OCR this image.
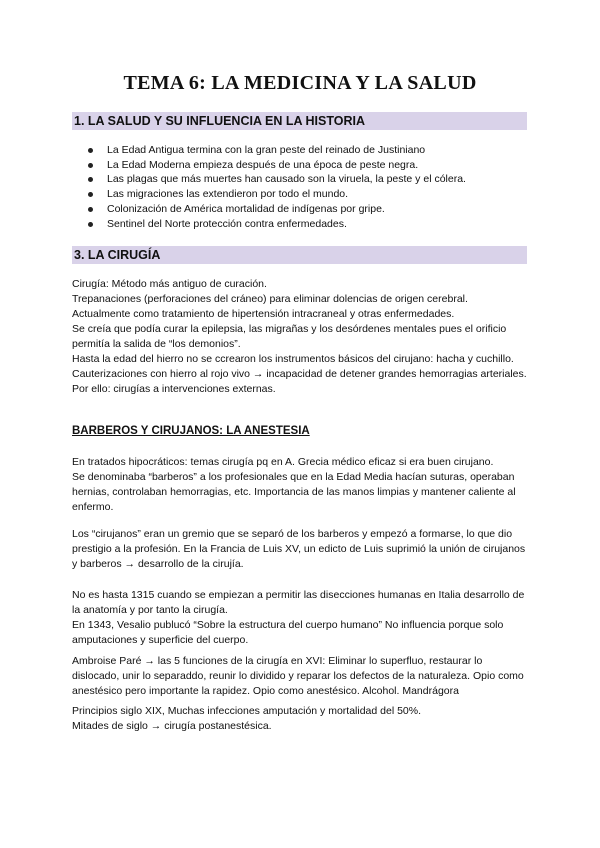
TEMA 6: LA MEDICINA Y LA SALUD
1. LA SALUD Y SU INFLUENCIA EN LA HISTORIA
La Edad Antigua termina con la gran peste del reinado de Justiniano
La Edad Moderna empieza después de una época de peste negra.
Las plagas que más muertes han causado son la viruela, la peste y el cólera.
Las migraciones las extendieron por todo el mundo.
Colonización de América mortalidad de indígenas por gripe.
Sentinel del Norte protección contra enfermedades.
3. LA CIRUGÍA

Cirugía: Método más antiguo de curación.

Trepanaciones (perforaciones del cráneo) para eliminar dolencias de origen cerebral.

Actualmente como tratamiento de hipertensión intracraneal y otras enfermedades.

Se creía que podía curar la epilepsia, las migrañas y los desórdenes mentales pues el orificio permitía la salida de “los demonios”.

Hasta la edad del hierro no se ccrearon los instrumentos básicos del cirujano: hacha y cuchillo.

Cauterizaciones con hierro al rojo vivo → incapacidad de detener grandes hemorragias arteriales. Por ello: cirugías a intervenciones externas.

BARBEROS Y CIRUJANOS: LA ANESTESIA

En tratados hipocráticos: temas cirugía pq en A. Grecia médico eficaz si era buen cirujano.

Se denominaba “barberos” a los profesionales que en la Edad Media hacían suturas, operaban hernias, controlaban hemorragias, etc. Importancia de las manos limpias y mantener caliente al enfermo.

Los “cirujanos” eran un gremio que se separó de los barberos y empezó a formarse, lo que dio prestigio a la profesión. En la Francia de Luis XV, un edicto de Luis suprimió la unión de cirujanos y barberos → desarrollo de la cirujía.

No es hasta 1315 cuando se empiezan a permitir las disecciones humanas en Italia desarrollo de la anatomía y por tanto la cirugía.

En 1343, Vesalio publucó “Sobre la estructura del cuerpo humano” No influencia porque solo amputaciones y superficie del cuerpo.

Ambroise Paré → las 5 funciones de la cirugía en XVI: Eliminar lo superfluo, restaurar lo dislocado, unir lo separaddo, reunir lo dividido y reparar los defectos de la naturaleza. Opio como anestésico pero importante la rapidez. Opio como anestésico. Alcohol. Mandrágora

Principios siglo XIX, Muchas infecciones amputación y mortalidad del 50%.

Mitades de siglo → cirugía postanestésica.
